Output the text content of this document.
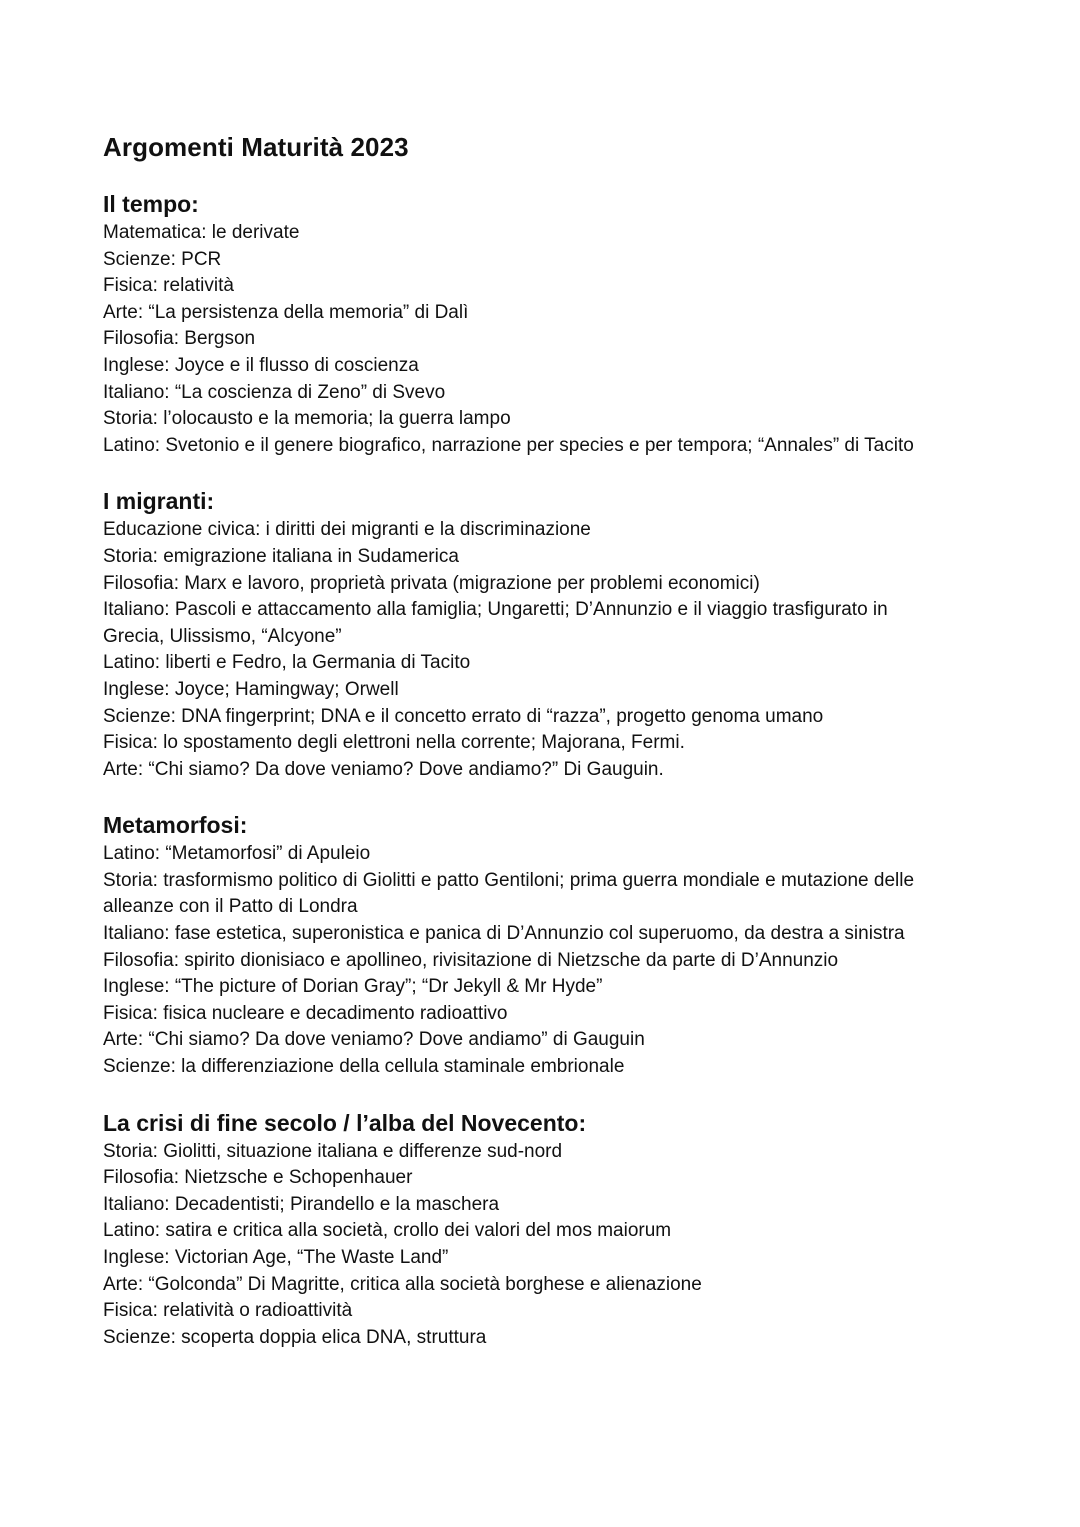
Argomenti Maturità 2023
Il tempo:
Matematica: le derivate
Scienze: PCR
Fisica: relatività
Arte: “La persistenza della memoria” di Dalì
Filosofia: Bergson
Inglese: Joyce e il flusso di coscienza
Italiano: “La coscienza di Zeno” di Svevo
Storia: l’olocausto e la memoria; la guerra lampo
Latino: Svetonio e il genere biografico, narrazione per species e per tempora; “Annales” di Tacito
I migranti:
Educazione civica: i diritti dei migranti e la discriminazione
Storia: emigrazione italiana in Sudamerica
Filosofia: Marx e lavoro, proprietà privata (migrazione per problemi economici)
Italiano: Pascoli e attaccamento alla famiglia; Ungaretti; D’Annunzio e il viaggio trasfigurato in
Grecia, Ulissismo, “Alcyone”
Latino: liberti e Fedro, la Germania di Tacito
Inglese: Joyce; Hamingway; Orwell
Scienze: DNA fingerprint; DNA e il concetto errato di “razza”, progetto genoma umano
Fisica: lo spostamento degli elettroni nella corrente; Majorana, Fermi.
Arte: “Chi siamo? Da dove veniamo? Dove andiamo?” Di Gauguin.
Metamorfosi:
Latino: “Metamorfosi” di Apuleio
Storia: trasformismo politico di Giolitti e patto Gentiloni; prima guerra mondiale e mutazione delle
alleanze con il Patto di Londra
Italiano: fase estetica, superonistica e panica di D’Annunzio col superuomo, da destra a sinistra
Filosofia: spirito dionisiaco e apollineo, rivisitazione di Nietzsche da parte di D’Annunzio
Inglese: “The picture of Dorian Gray”; “Dr Jekyll & Mr Hyde”
Fisica: fisica nucleare e decadimento radioattivo
Arte: “Chi siamo? Da dove veniamo? Dove andiamo” di Gauguin
Scienze: la differenziazione della cellula staminale embrionale
La crisi di fine secolo / l’alba del Novecento:
Storia: Giolitti, situazione italiana e differenze sud-nord
Filosofia: Nietzsche e Schopenhauer
Italiano: Decadentisti; Pirandello e la maschera
Latino: satira e critica alla società, crollo dei valori del mos maiorum
Inglese: Victorian Age, “The Waste Land”
Arte: “Golconda” Di Magritte, critica alla società borghese e alienazione
Fisica: relatività o radioattività
Scienze: scoperta doppia elica DNA, struttura
